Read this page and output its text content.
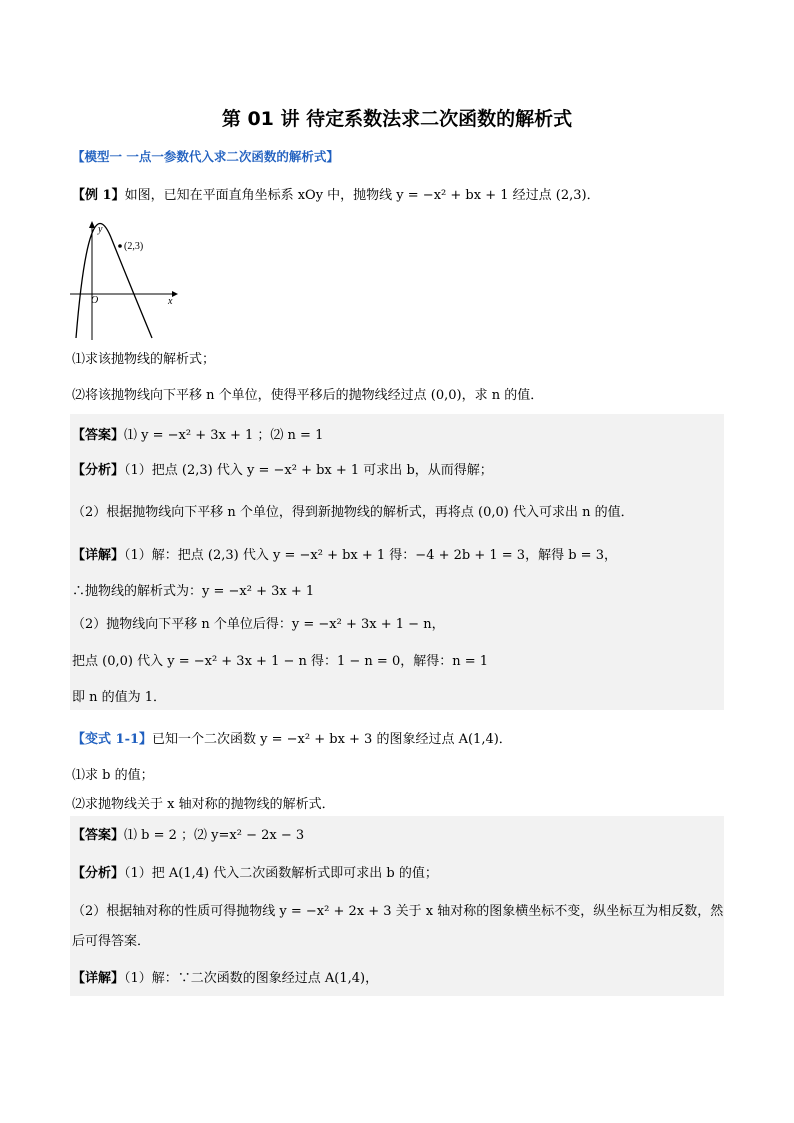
第 01 讲 待定系数法求二次函数的解析式
【模型一 一点一参数代入求二次函数的解析式】
【例 1】如图，已知在平面直角坐标系 xOy 中，抛物线 y = −x² + bx + 1 经过点 (2,3)．
(2,3)
x
y
O
⑴求该抛物线的解析式；
⑵将该抛物线向下平移 n 个单位，使得平移后的抛物线经过点 (0,0)，求 n 的值．
【答案】⑴ y = −x² + 3x + 1 ；⑵ n = 1
【分析】（1）把点 (2,3) 代入 y = −x² + bx + 1 可求出 b，从而得解；
（2）根据抛物线向下平移 n 个单位，得到新抛物线的解析式，再将点 (0,0) 代入可求出 n 的值．
【详解】（1）解：把点 (2,3) 代入 y = −x² + bx + 1 得：−4 + 2b + 1 = 3，解得 b = 3，
∴抛物线的解析式为：y = −x² + 3x + 1
（2）抛物线向下平移 n 个单位后得：y = −x² + 3x + 1 − n，
把点 (0,0) 代入 y = −x² + 3x + 1 − n 得：1 − n = 0，解得：n = 1
即 n 的值为 1．
【变式 1-1】已知一个二次函数 y = −x² + bx + 3 的图象经过点 A(1,4)．
⑴求 b 的值；
⑵求抛物线关于 x 轴对称的抛物线的解析式．
【答案】⑴ b = 2 ；⑵ y=x² − 2x − 3
【分析】（1）把 A(1,4) 代入二次函数解析式即可求出 b 的值；
（2）根据轴对称的性质可得抛物线 y = −x² + 2x + 3 关于 x 轴对称的图象横坐标不变，纵坐标互为相反数，然
后可得答案．
【详解】（1）解：∵二次函数的图象经过点 A(1,4)，
